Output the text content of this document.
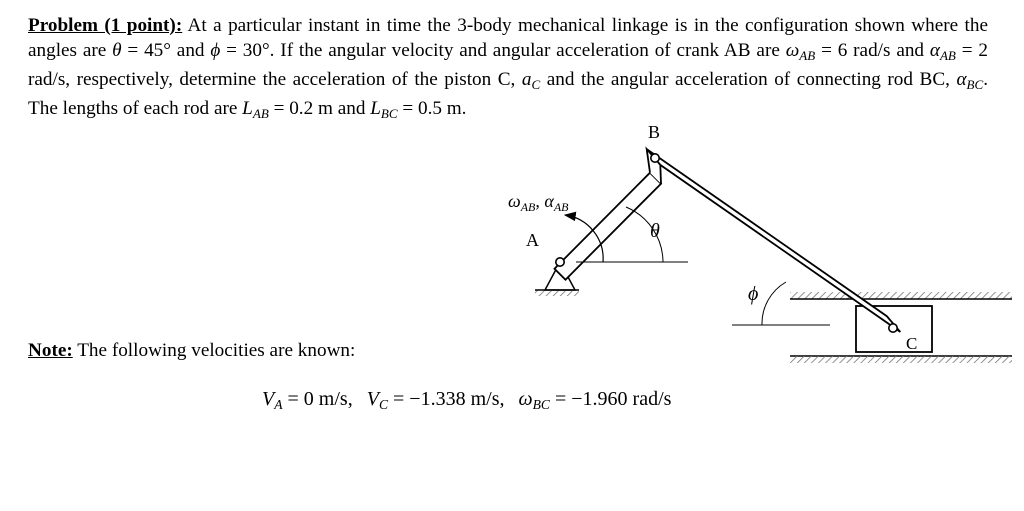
Problem (1 point): At a particular instant in time the 3-body mechanical linkage is in the configuration shown where the angles are θ = 45° and ϕ = 30°. If the angular velocity and angular acceleration of crank AB are $\omega_{AB} = 6$ rad/s and $\alpha_{AB} = 2$ rad/s, respectively, determine the acceleration of the piston C, $a_C$ and the angular acceleration of connecting rod BC, $\alpha_{BC}$. The lengths of each rod are $L_{AB} = 0.2$ m and $L_{BC} = 0.5$ m.
B
A
C
θ
ϕ
$\omega_{AB}$, $\alpha_{AB}$
Note: The following velocities are known:
$V_A = 0$ m/s, $V_C = -1.338$ m/s, $\omega_{BC} = -1.960$ rad/s
